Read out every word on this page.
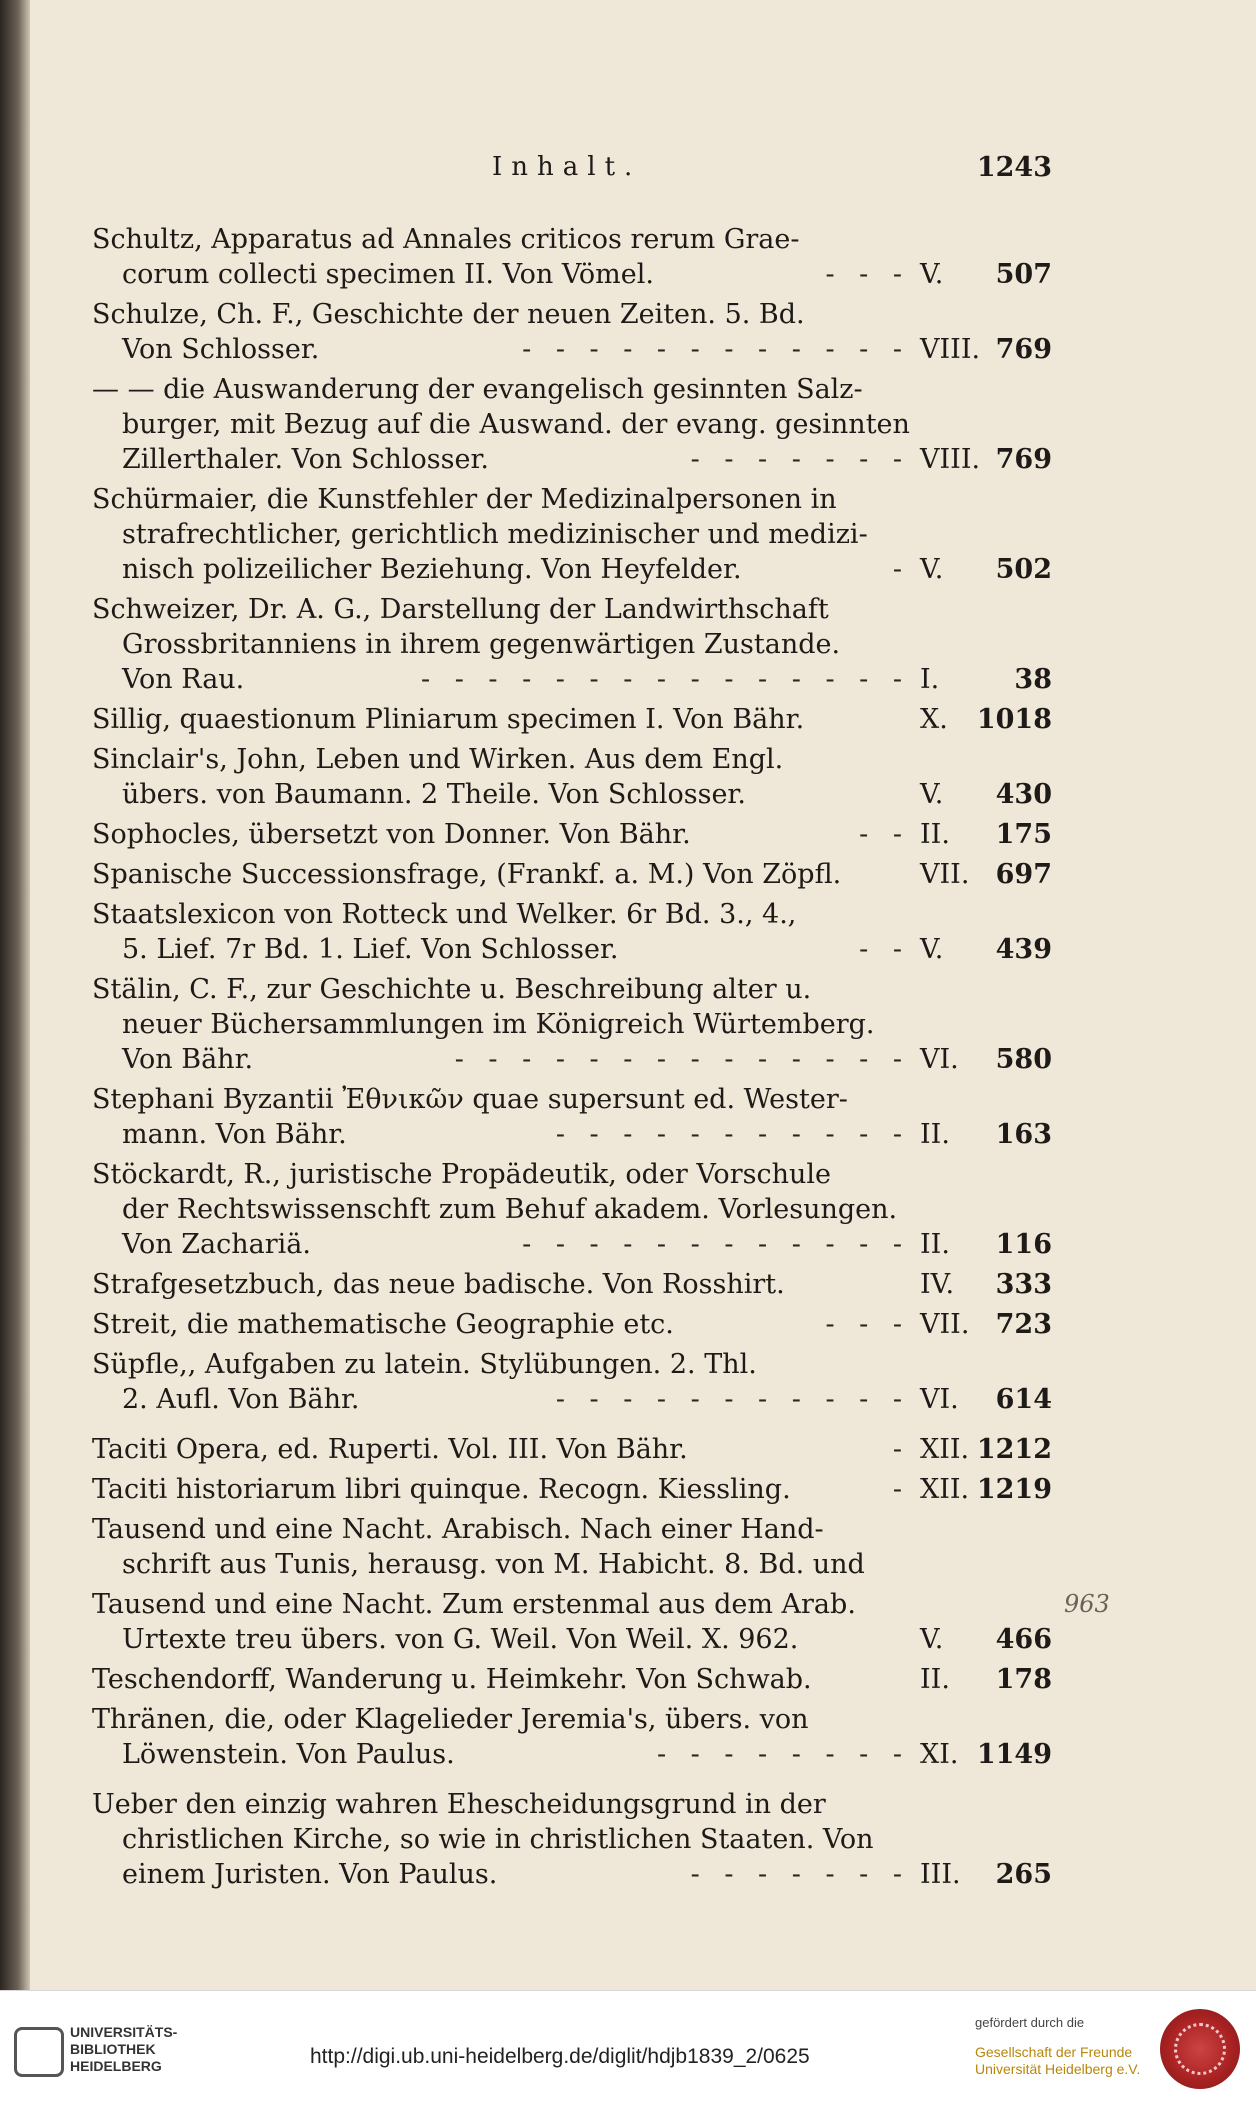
Inhalt.	1243
Schultz, Apparatus ad Annales criticos rerum Grae-
corum collecti specimen II. Von Vömel.	- - - V.	507
Schulze, Ch. F., Geschichte der neuen Zeiten. 5. Bd.
Von Schlosser.	- - - - - - - - - - - - VIII. 769
— — die Auswanderung der evangelisch gesinnten Salz-
burger, mit Bezug auf die Auswand. der evang. gesinnten
Zillerthaler. Von Schlosser.	- - - - - - - VIII. 769
Schürmaier, die Kunstfehler der Medizinalpersonen in
strafrechtlicher, gerichtlich medizinischer und medizi-
nisch polizeilicher Beziehung. Von Heyfelder.	- V.	502
Schweizer, Dr. A. G., Darstellung der Landwirthschaft
Grossbritanniens in ihrem gegenwärtigen Zustande.
Von Rau.	- - - - - - - - - - - - - - - I.	38
Sillig, quaestionum Pliniarum specimen I. Von Bähr.	X.	1018
Sinclair's, John, Leben und Wirken. Aus dem Engl.
übers. von Baumann. 2 Theile. Von Schlosser.	V.	430
Sophocles, übersetzt von Donner. Von Bähr.	- - II.	175
Spanische Successionsfrage, (Frankf. a. M.) Von Zöpfl.	VII. 697
Staatslexicon von Rotteck und Welker. 6r Bd. 3., 4.,
5. Lief. 7r Bd. 1. Lief. Von Schlosser.	- - V.	439
Stälin, C. F., zur Geschichte u. Beschreibung alter u.
neuer Büchersammlungen im Königreich Würtemberg.
Von Bähr.	- - - - - - - - - - - - - - VI.	580
Stephani Byzantii Ἐθνικῶν quae supersunt ed. Wester-
mann. Von Bähr.	- - - - - - - - - - - II.	163
Stöckardt, R., juristische Propädeutik, oder Vorschule
der Rechtswissenschft zum Behuf akadem. Vorlesungen.
Von Zachariä.	- - - - - - - - - - - - II.	116
Strafgesetzbuch, das neue badische. Von Rosshirt.	IV.	333
Streit, die mathematische Geographie etc.	- - - VII. 723
Süpfle,, Aufgaben zu latein. Stylübungen. 2. Thl.
2. Aufl. Von Bähr.	- - - - - - - - - - - VI.	614
Taciti Opera, ed. Ruperti. Vol. III. Von Bähr.	- XII. 1212
Taciti historiarum libri quinque. Recogn. Kiessling.	- XII. 1219
Tausend und eine Nacht. Arabisch. Nach einer Hand-
schrift aus Tunis, herausg. von M. Habicht. 8. Bd. und
Tausend und eine Nacht. Zum erstenmal aus dem Arab.
Urtexte treu übers. von G. Weil. Von Weil. X. 962.	V.	466
Teschendorff, Wanderung u. Heimkehr. Von Schwab.	II.	178
Thränen, die, oder Klagelieder Jeremia's, übers. von
Löwenstein. Von Paulus.	- - - - - - - - XI. 1149
Ueber den einzig wahren Ehescheidungsgrund in der
christlichen Kirche, so wie in christlichen Staaten. Von
einem Juristen. Von Paulus.	- - - - - - - III.	265
963
UNIVERSITÄTS-
BIBLIOTHEK
HEIDELBERG	http://digi.ub.uni-heidelberg.de/diglit/hdjb1839_2/0625
gefördert durch die
Gesellschaft der Freunde
Universität Heidelberg e.V.
